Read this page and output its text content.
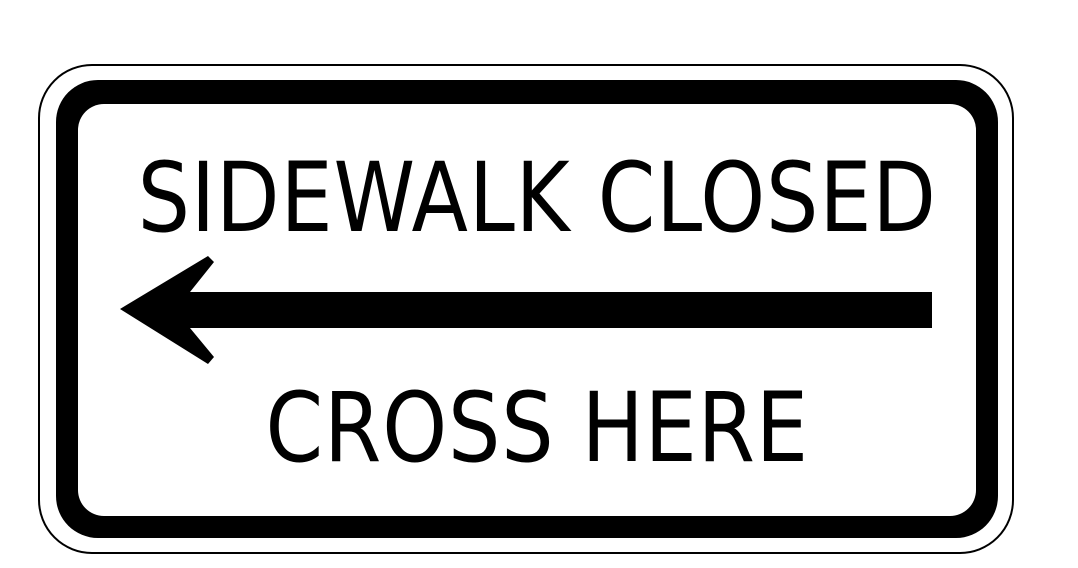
SIDEWALK CLOSED
CROSS HERE
